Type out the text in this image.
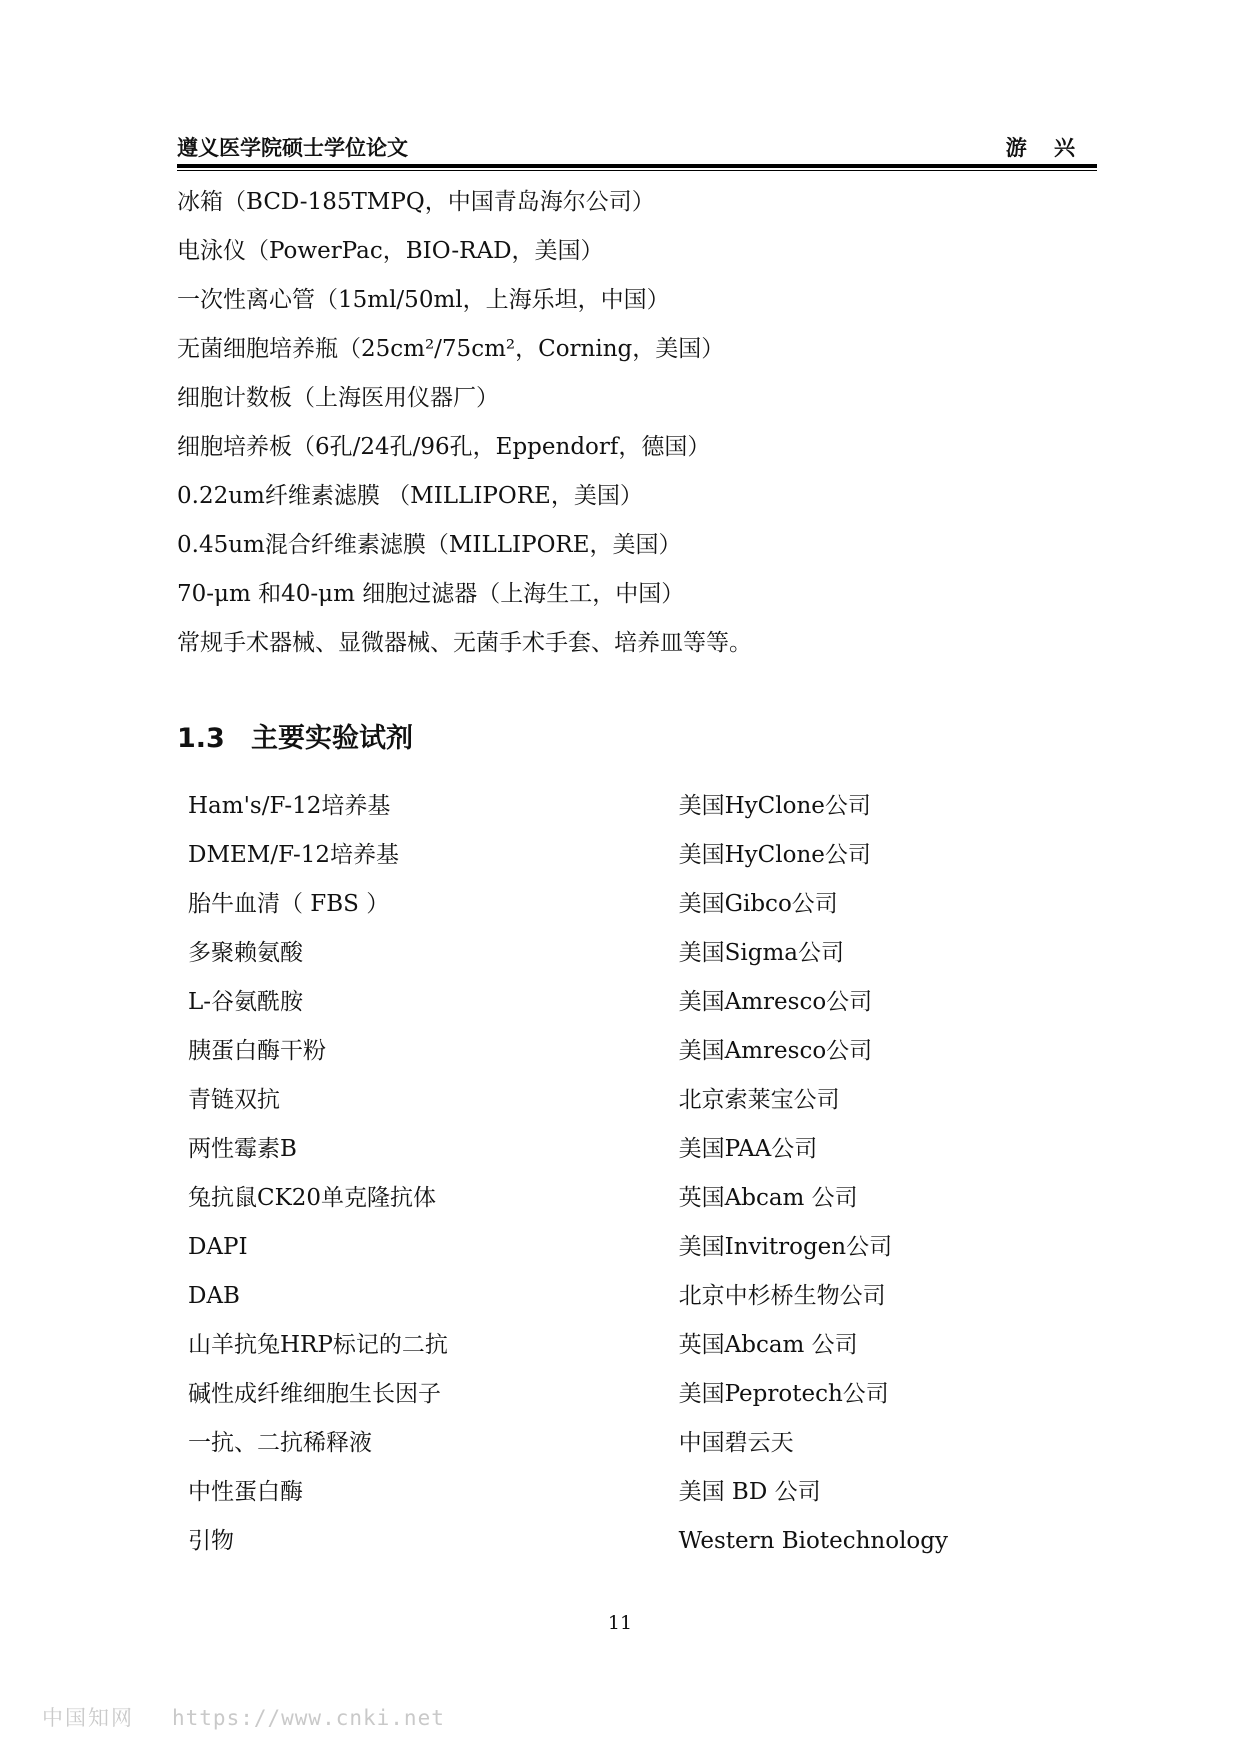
遵义医学院硕士学位论文	游 兴
冰箱（BCD-185TMPQ，中国青岛海尔公司）
电泳仪（PowerPac，BIO-RAD，美国）
一次性离心管（15ml/50ml，上海乐坦，中国）
无菌细胞培养瓶（25cm²/75cm²，Corning，美国）
细胞计数板（上海医用仪器厂）
细胞培养板（6孔/24孔/96孔，Eppendorf，德国）
0.22um纤维素滤膜 （MILLIPORE，美国）
0.45um混合纤维素滤膜（MILLIPORE，美国）
70-μm 和40-μm 细胞过滤器（上海生工，中国）
常规手术器械、显微器械、无菌手术手套、培养皿等等。
1.3 主要实验试剂
Ham's/F-12培养基	美国HyClone公司
DMEM/F-12培养基	美国HyClone公司
胎牛血清（ FBS ）	美国Gibco公司
多聚赖氨酸	美国Sigma公司
L-谷氨酰胺	美国Amresco公司
胰蛋白酶干粉	美国Amresco公司
青链双抗	北京索莱宝公司
两性霉素B	美国PAA公司
兔抗鼠CK20单克隆抗体	英国Abcam 公司
DAPI	美国Invitrogen公司
DAB	北京中杉桥生物公司
山羊抗兔HRP标记的二抗	英国Abcam 公司
碱性成纤维细胞生长因子	美国Peprotech公司
一抗、二抗稀释液	中国碧云天
中性蛋白酶	美国 BD 公司
引物	Western Biotechnology
11
中国知网 https://www.cnki.net
